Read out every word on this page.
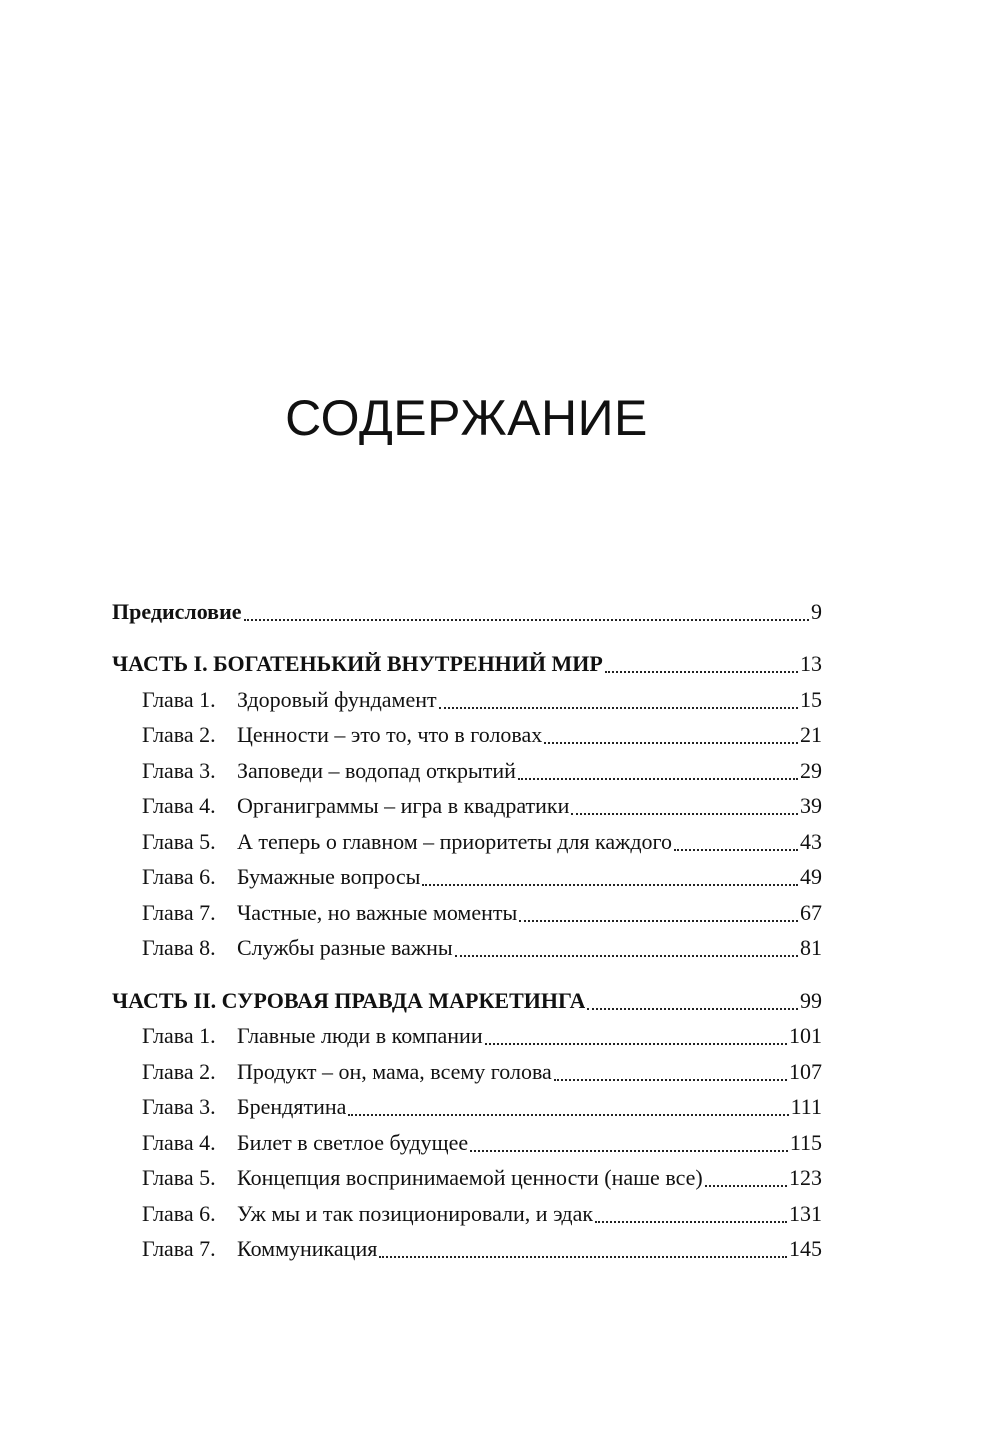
СОДЕРЖАНИЕ
Предисловие	9
ЧАСТЬ I. БОГАТЕНЬКИЙ ВНУТРЕННИЙ МИР	13
Глава 1. Здоровый фундамент	15
Глава 2. Ценности – это то, что в головах	21
Глава 3. Заповеди – водопад открытий	29
Глава 4. Органиграммы – игра в квадратики	39
Глава 5. А теперь о главном – приоритеты для каждого	43
Глава 6. Бумажные вопросы	49
Глава 7. Частные, но важные моменты	67
Глава 8. Службы разные важны	81
ЧАСТЬ II. СУРОВАЯ ПРАВДА МАРКЕТИНГА	99
Глава 1. Главные люди в компании	101
Глава 2. Продукт – он, мама, всему голова	107
Глава 3. Брендятина	111
Глава 4. Билет в светлое будущее	115
Глава 5. Концепция воспринимаемой ценности (наше все)	123
Глава 6. Уж мы и так позиционировали, и эдак	131
Глава 7. Коммуникация	145
